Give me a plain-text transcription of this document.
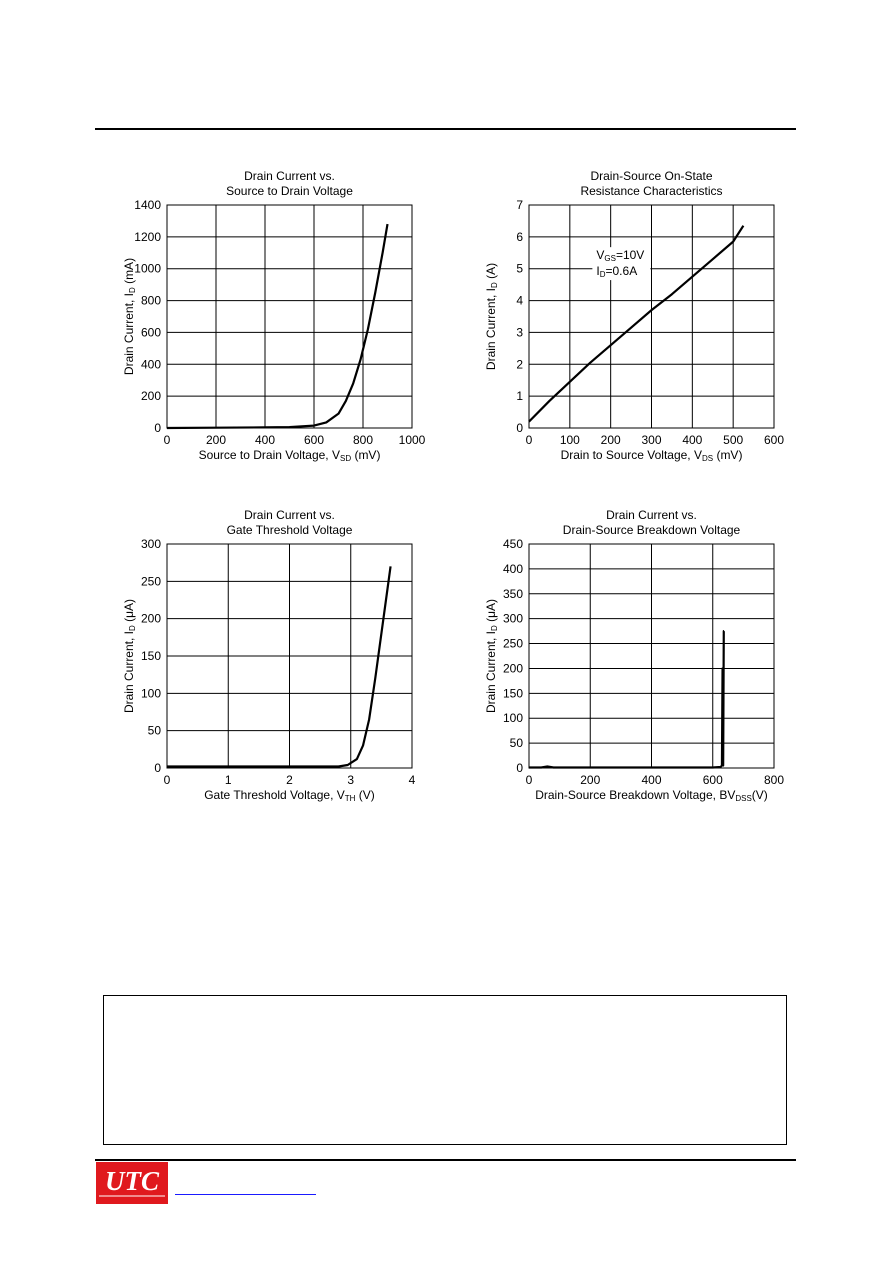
0	200 400 600 800 1000
0
200
400
600
800
1000
1200
1400
Drain Current vs.
Source to Drain Voltage
Source to Drain Voltage, VSD (mV)
Drain Current, ID (mA)
0 100 200 300 400 500 600
0
1
2
3
4
5
6
7
Drain-Source On-State
Resistance Characteristics
Drain to Source Voltage, VDS (mV)
Drain Current, ID (A)
VGS=10V
ID=0.6A
0	1	2	3	4
0
50
100
150
200
250
300
Drain Current vs.
Gate Threshold Voltage
Gate Threshold Voltage, VTH (V)
Drain Current, ID (μA)
0	200	400	600	800
0
50
100
150
200
250
300
350
400
450
Drain Current vs.
Drain-Source Breakdown Voltage
Drain-Source Breakdown Voltage, BVDSS(V)
Drain Current, ID (μA)
UTC
